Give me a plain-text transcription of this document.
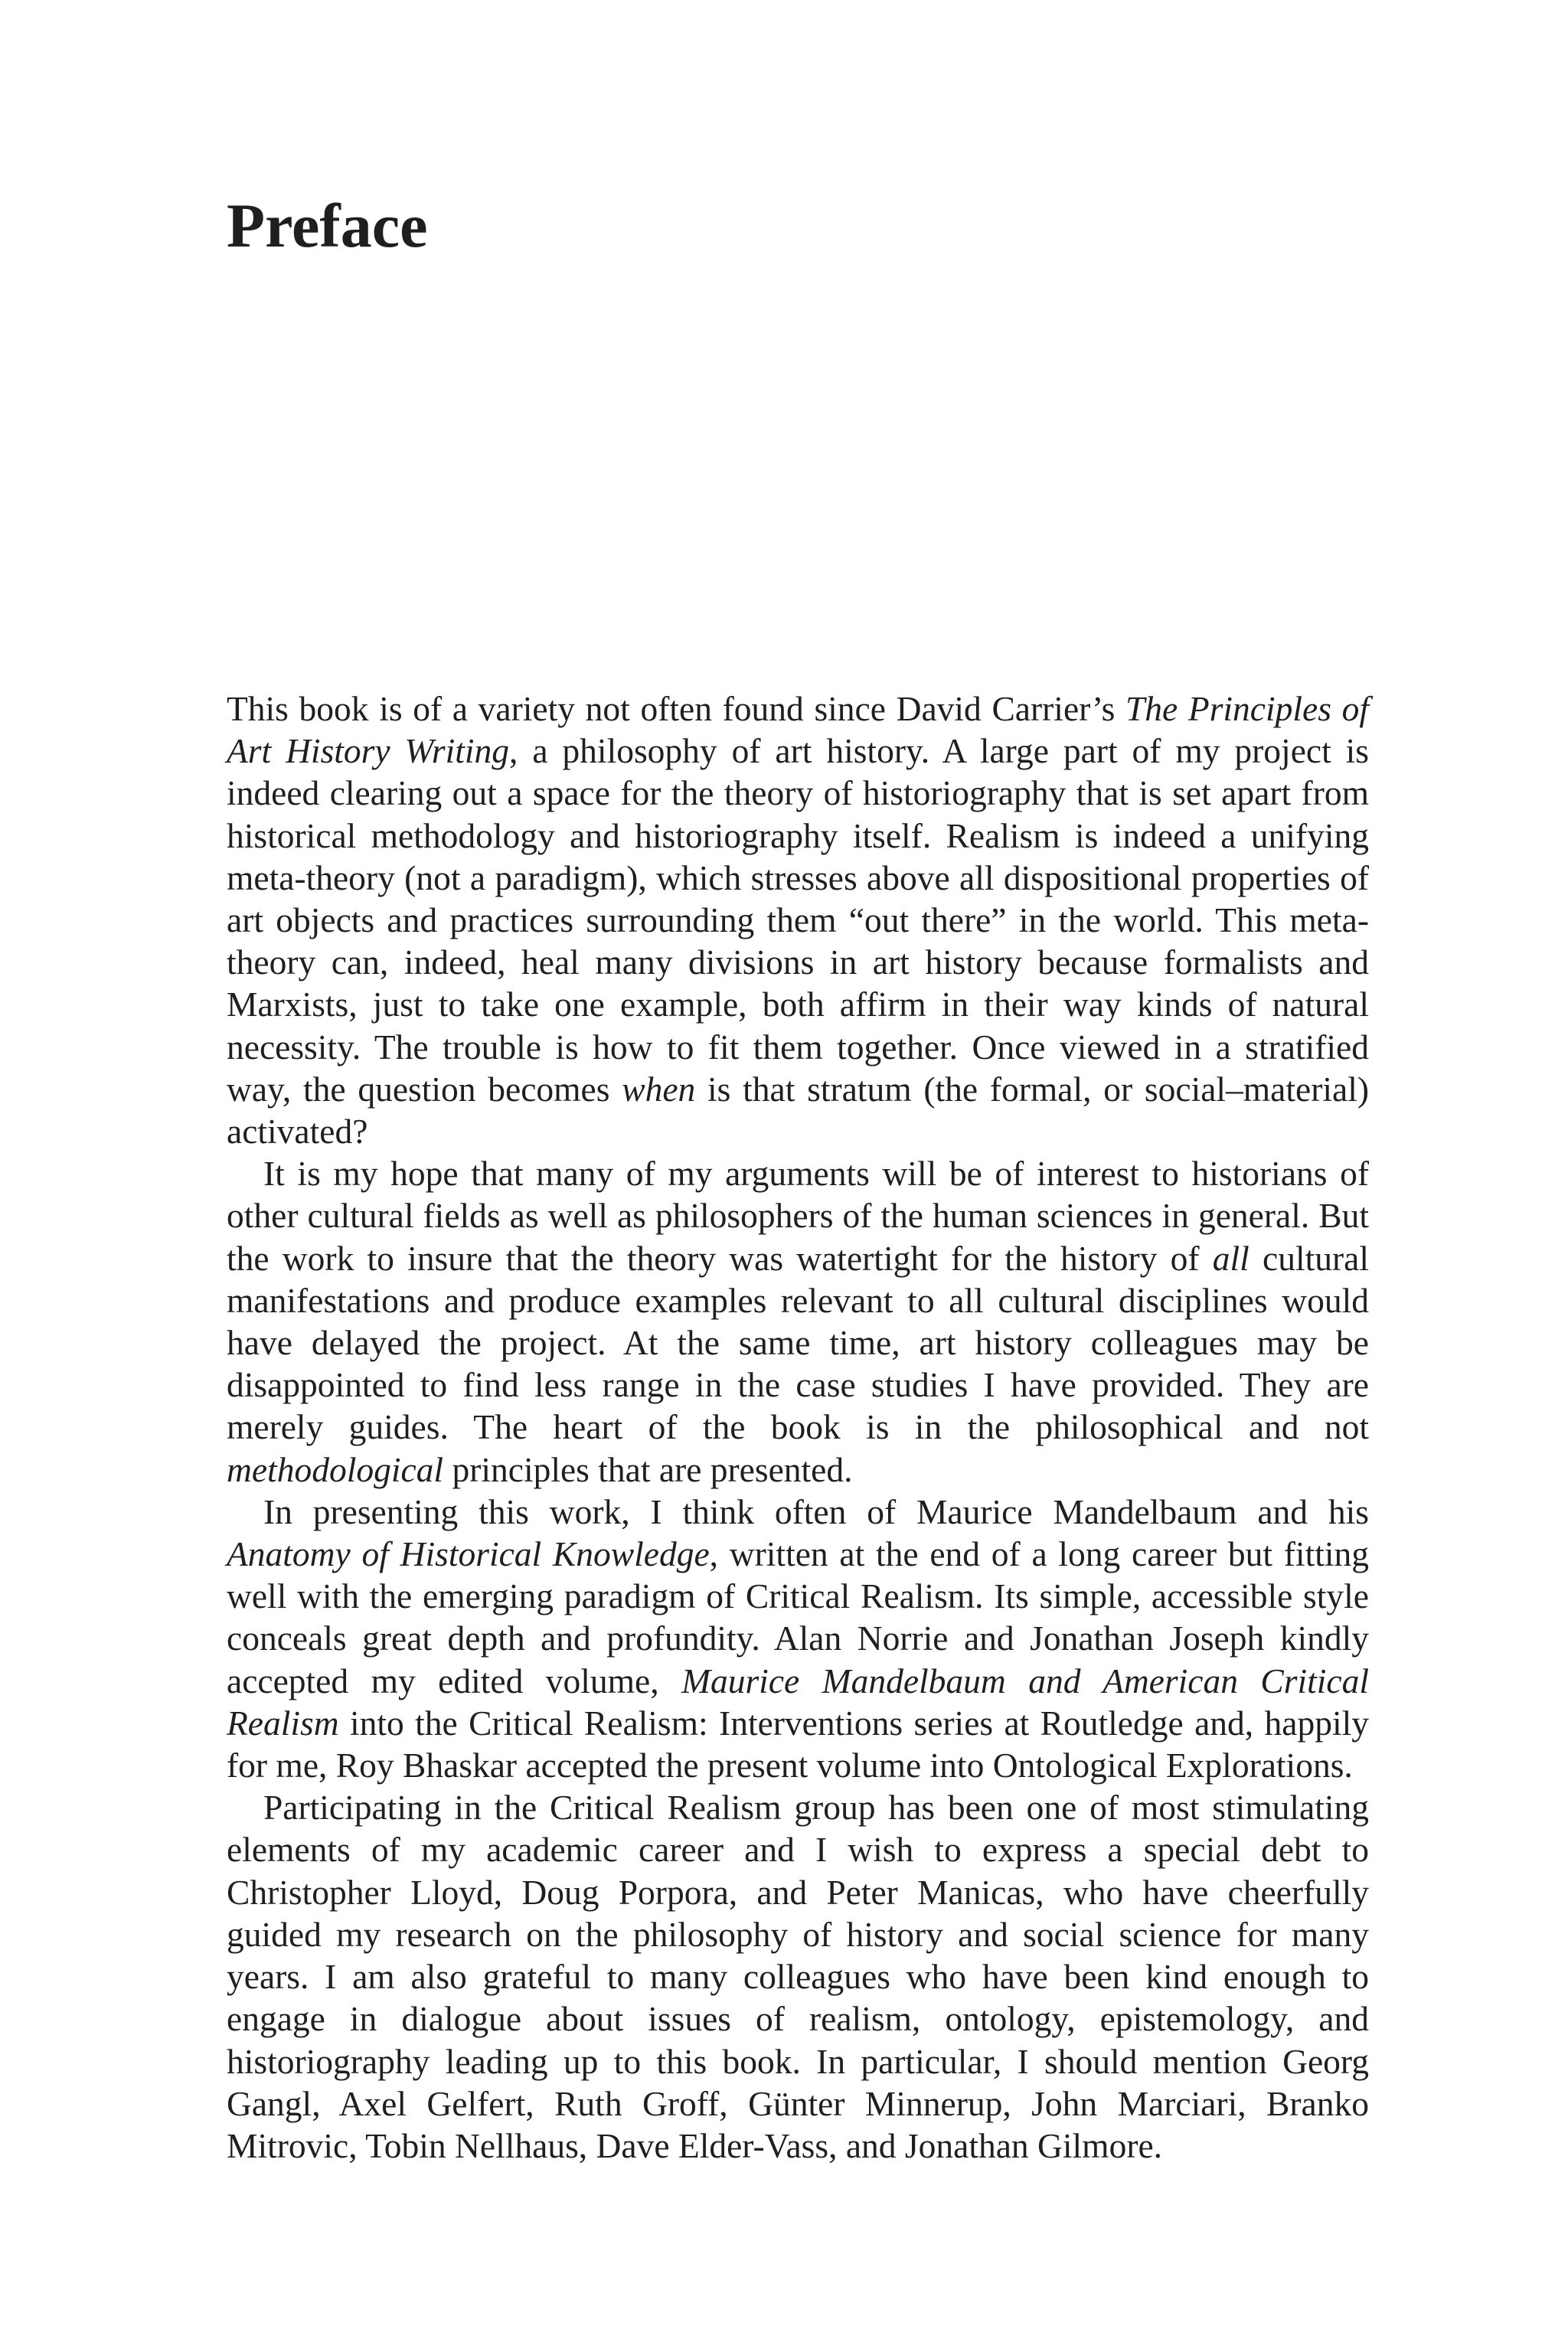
Preface

This book is of a variety not often found since David Carrier’s The Principles of Art History Writing, a philosophy of art history. A large part of my project is indeed clearing out a space for the theory of historiography that is set apart from historical methodology and historiography itself. Realism is indeed a unifying meta-theory (not a paradigm), which stresses above all dispositional properties of art objects and practices surrounding them “out there” in the world. This meta-theory can, indeed, heal many divisions in art history because formalists and Marxists, just to take one example, both affirm in their way kinds of natural necessity. The trouble is how to fit them together. Once viewed in a stratified way, the question becomes when is that stratum (the formal, or social–material) activated?

It is my hope that many of my arguments will be of interest to historians of other cultural fields as well as philosophers of the human sciences in general. But the work to insure that the theory was watertight for the history of all cultural manifestations and produce examples relevant to all cultural disciplines would have delayed the project. At the same time, art history colleagues may be disappointed to find less range in the case studies I have provided. They are merely guides. The heart of the book is in the philosophical and not methodological principles that are presented.

In presenting this work, I think often of Maurice Mandelbaum and his Anatomy of Historical Knowledge, written at the end of a long career but fitting well with the emerging paradigm of Critical Realism. Its simple, accessible style conceals great depth and profundity. Alan Norrie and Jonathan Joseph kindly accepted my edited volume, Maurice Mandelbaum and American Critical Realism into the Critical Realism: Interventions series at Routledge and, happily for me, Roy Bhaskar accepted the present volume into Ontological Explorations.

Participating in the Critical Realism group has been one of most stimulating elements of my academic career and I wish to express a special debt to Christopher Lloyd, Doug Porpora, and Peter Manicas, who have cheerfully guided my research on the philosophy of history and social science for many years. I am also grateful to many colleagues who have been kind enough to engage in dialogue about issues of realism, ontology, epistemology, and historiography leading up to this book. In particular, I should mention Georg Gangl, Axel Gelfert, Ruth Groff, Günter Minnerup, John Marciari, Branko Mitrovic, Tobin Nellhaus, Dave Elder-Vass, and Jonathan Gilmore.
